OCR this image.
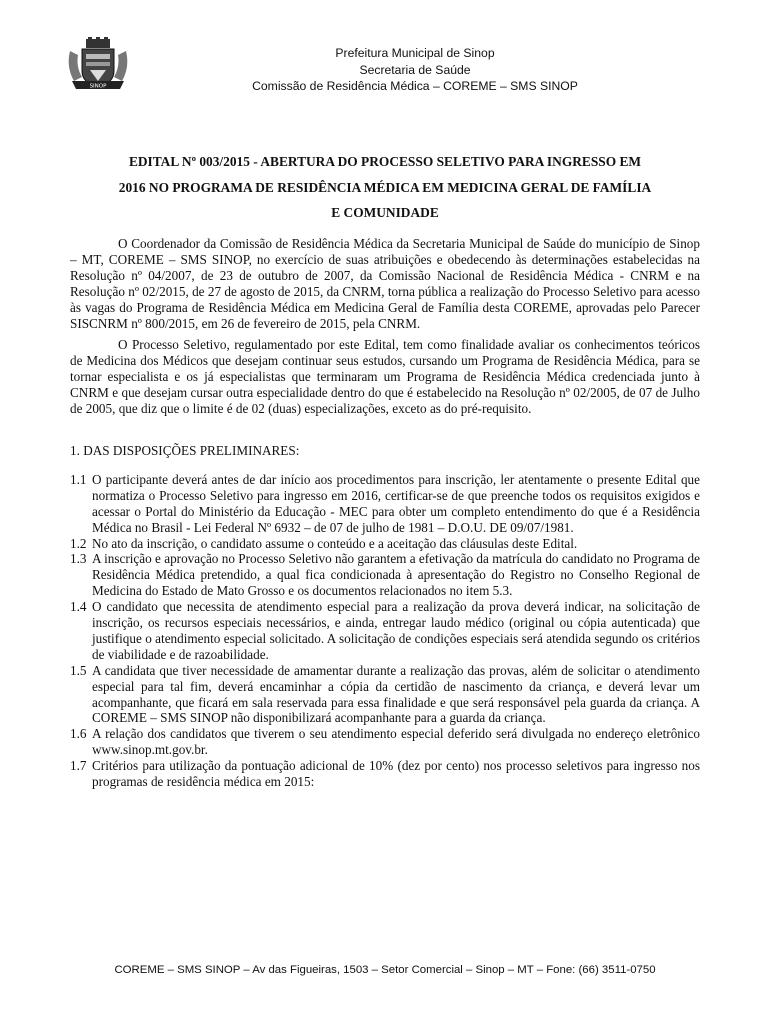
SINOP
Prefeitura Municipal de Sinop
Secretaria de Saúde
Comissão de Residência Médica – COREME – SMS SINOP
EDITAL Nº 003/2015 - ABERTURA DO PROCESSO SELETIVO PARA INGRESSO EM
2016 NO PROGRAMA DE RESIDÊNCIA MÉDICA EM MEDICINA GERAL DE FAMÍLIA
E COMUNIDADE

O Coordenador da Comissão de Residência Médica da Secretaria Municipal de Saúde do município de Sinop – MT, COREME – SMS SINOP, no exercício de suas atribuições e obedecendo às determinações estabelecidas na Resolução nº 04/2007, de 23 de outubro de 2007, da Comissão Nacional de Residência Médica - CNRM e na Resolução nº 02/2015, de 27 de agosto de 2015, da CNRM, torna pública a realização do Processo Seletivo para acesso às vagas do Programa de Residência Médica em Medicina Geral de Família desta COREME, aprovadas pelo Parecer SISCNRM nº 800/2015, em 26 de fevereiro de 2015, pela CNRM.

O Processo Seletivo, regulamentado por este Edital, tem como finalidade avaliar os conhecimentos teóricos de Medicina dos Médicos que desejam continuar seus estudos, cursando um Programa de Residência Médica, para se tornar especialista e os já especialistas que terminaram um Programa de Residência Médica credenciada junto à CNRM e que desejam cursar outra especialidade dentro do que é estabelecido na Resolução nº 02/2005, de 07 de Julho de 2005, que diz que o limite é de 02 (duas) especializações, exceto as do pré-requisito.

1. DAS DISPOSIÇÕES PRELIMINARES:
1.1 O participante deverá antes de dar início aos procedimentos para inscrição, ler atentamente o presente Edital que normatiza o Processo Seletivo para ingresso em 2016, certificar-se de que preenche todos os requisitos exigidos e acessar o Portal do Ministério da Educação - MEC para obter um completo entendimento do que é a Residência Médica no Brasil - Lei Federal Nº 6932 – de 07 de julho de 1981 – D.O.U. DE 09/07/1981.
1.2 No ato da inscrição, o candidato assume o conteúdo e a aceitação das cláusulas deste Edital.
1.3 A inscrição e aprovação no Processo Seletivo não garantem a efetivação da matrícula do candidato no Programa de Residência Médica pretendido, a qual fica condicionada à apresentação do Registro no Conselho Regional de Medicina do Estado de Mato Grosso e os documentos relacionados no item 5.3.
1.4 O candidato que necessita de atendimento especial para a realização da prova deverá indicar, na solicitação de inscrição, os recursos especiais necessários, e ainda, entregar laudo médico (original ou cópia autenticada) que justifique o atendimento especial solicitado. A solicitação de condições especiais será atendida segundo os critérios de viabilidade e de razoabilidade.
1.5 A candidata que tiver necessidade de amamentar durante a realização das provas, além de solicitar o atendimento especial para tal fim, deverá encaminhar a cópia da certidão de nascimento da criança, e deverá levar um acompanhante, que ficará em sala reservada para essa finalidade e que será responsável pela guarda da criança. A COREME – SMS SINOP não disponibilizará acompanhante para a guarda da criança.
1.6 A relação dos candidatos que tiverem o seu atendimento especial deferido será divulgada no endereço eletrônico www.sinop.mt.gov.br.
1.7 Critérios para utilização da pontuação adicional de 10% (dez por cento) nos processo seletivos para ingresso nos programas de residência médica em 2015:
COREME – SMS SINOP – Av das Figueiras, 1503 – Setor Comercial – Sinop – MT – Fone: (66) 3511-0750
